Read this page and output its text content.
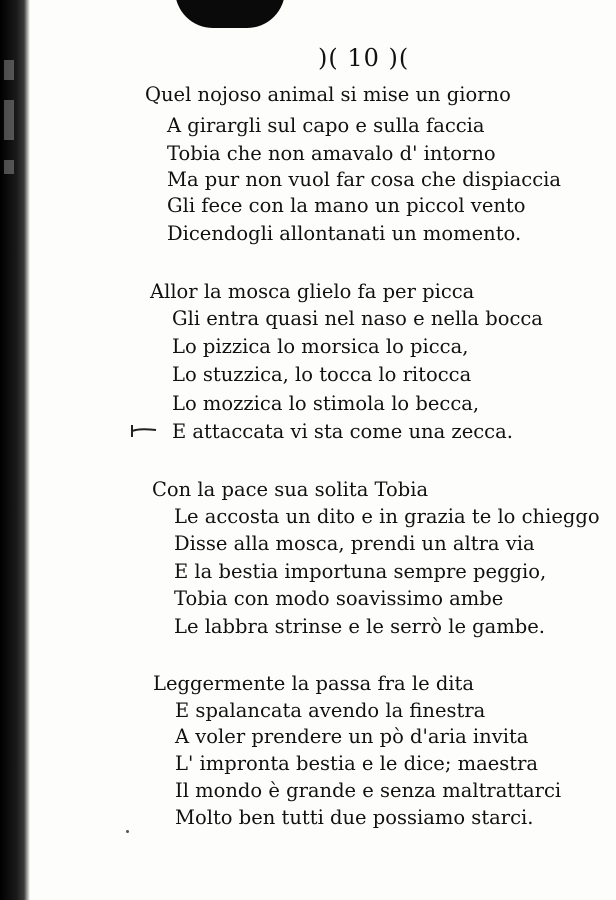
)( 10 )(
Quel nojoso animal si mise un giorno
A girargli sul capo e sulla faccia
Tobia che non amavalo d' intorno
Ma pur non vuol far cosa che dispiaccia
Gli fece con la mano un piccol vento
Dicendogli allontanati un momento.
Allor la mosca glielo fa per picca
Gli entra quasi nel naso e nella bocca
Lo pizzica lo morsica lo picca,
Lo stuzzica, lo tocca lo ritocca
Lo mozzica lo stimola lo becca,
E attaccata vi sta come una zecca.
Con la pace sua solita Tobia
Le accosta un dito e in grazia te lo chieggo
Disse alla mosca, prendi un altra via
E la bestia importuna sempre peggio,
Tobia con modo soavissimo ambe
Le labbra strinse e le serrò le gambe.
Leggermente la passa fra le dita
E spalancata avendo la finestra
A voler prendere un pò d'aria invita
L' impronta bestia e le dice; maestra
Il mondo è grande e senza maltrattarci
Molto ben tutti due possiamo starci.
